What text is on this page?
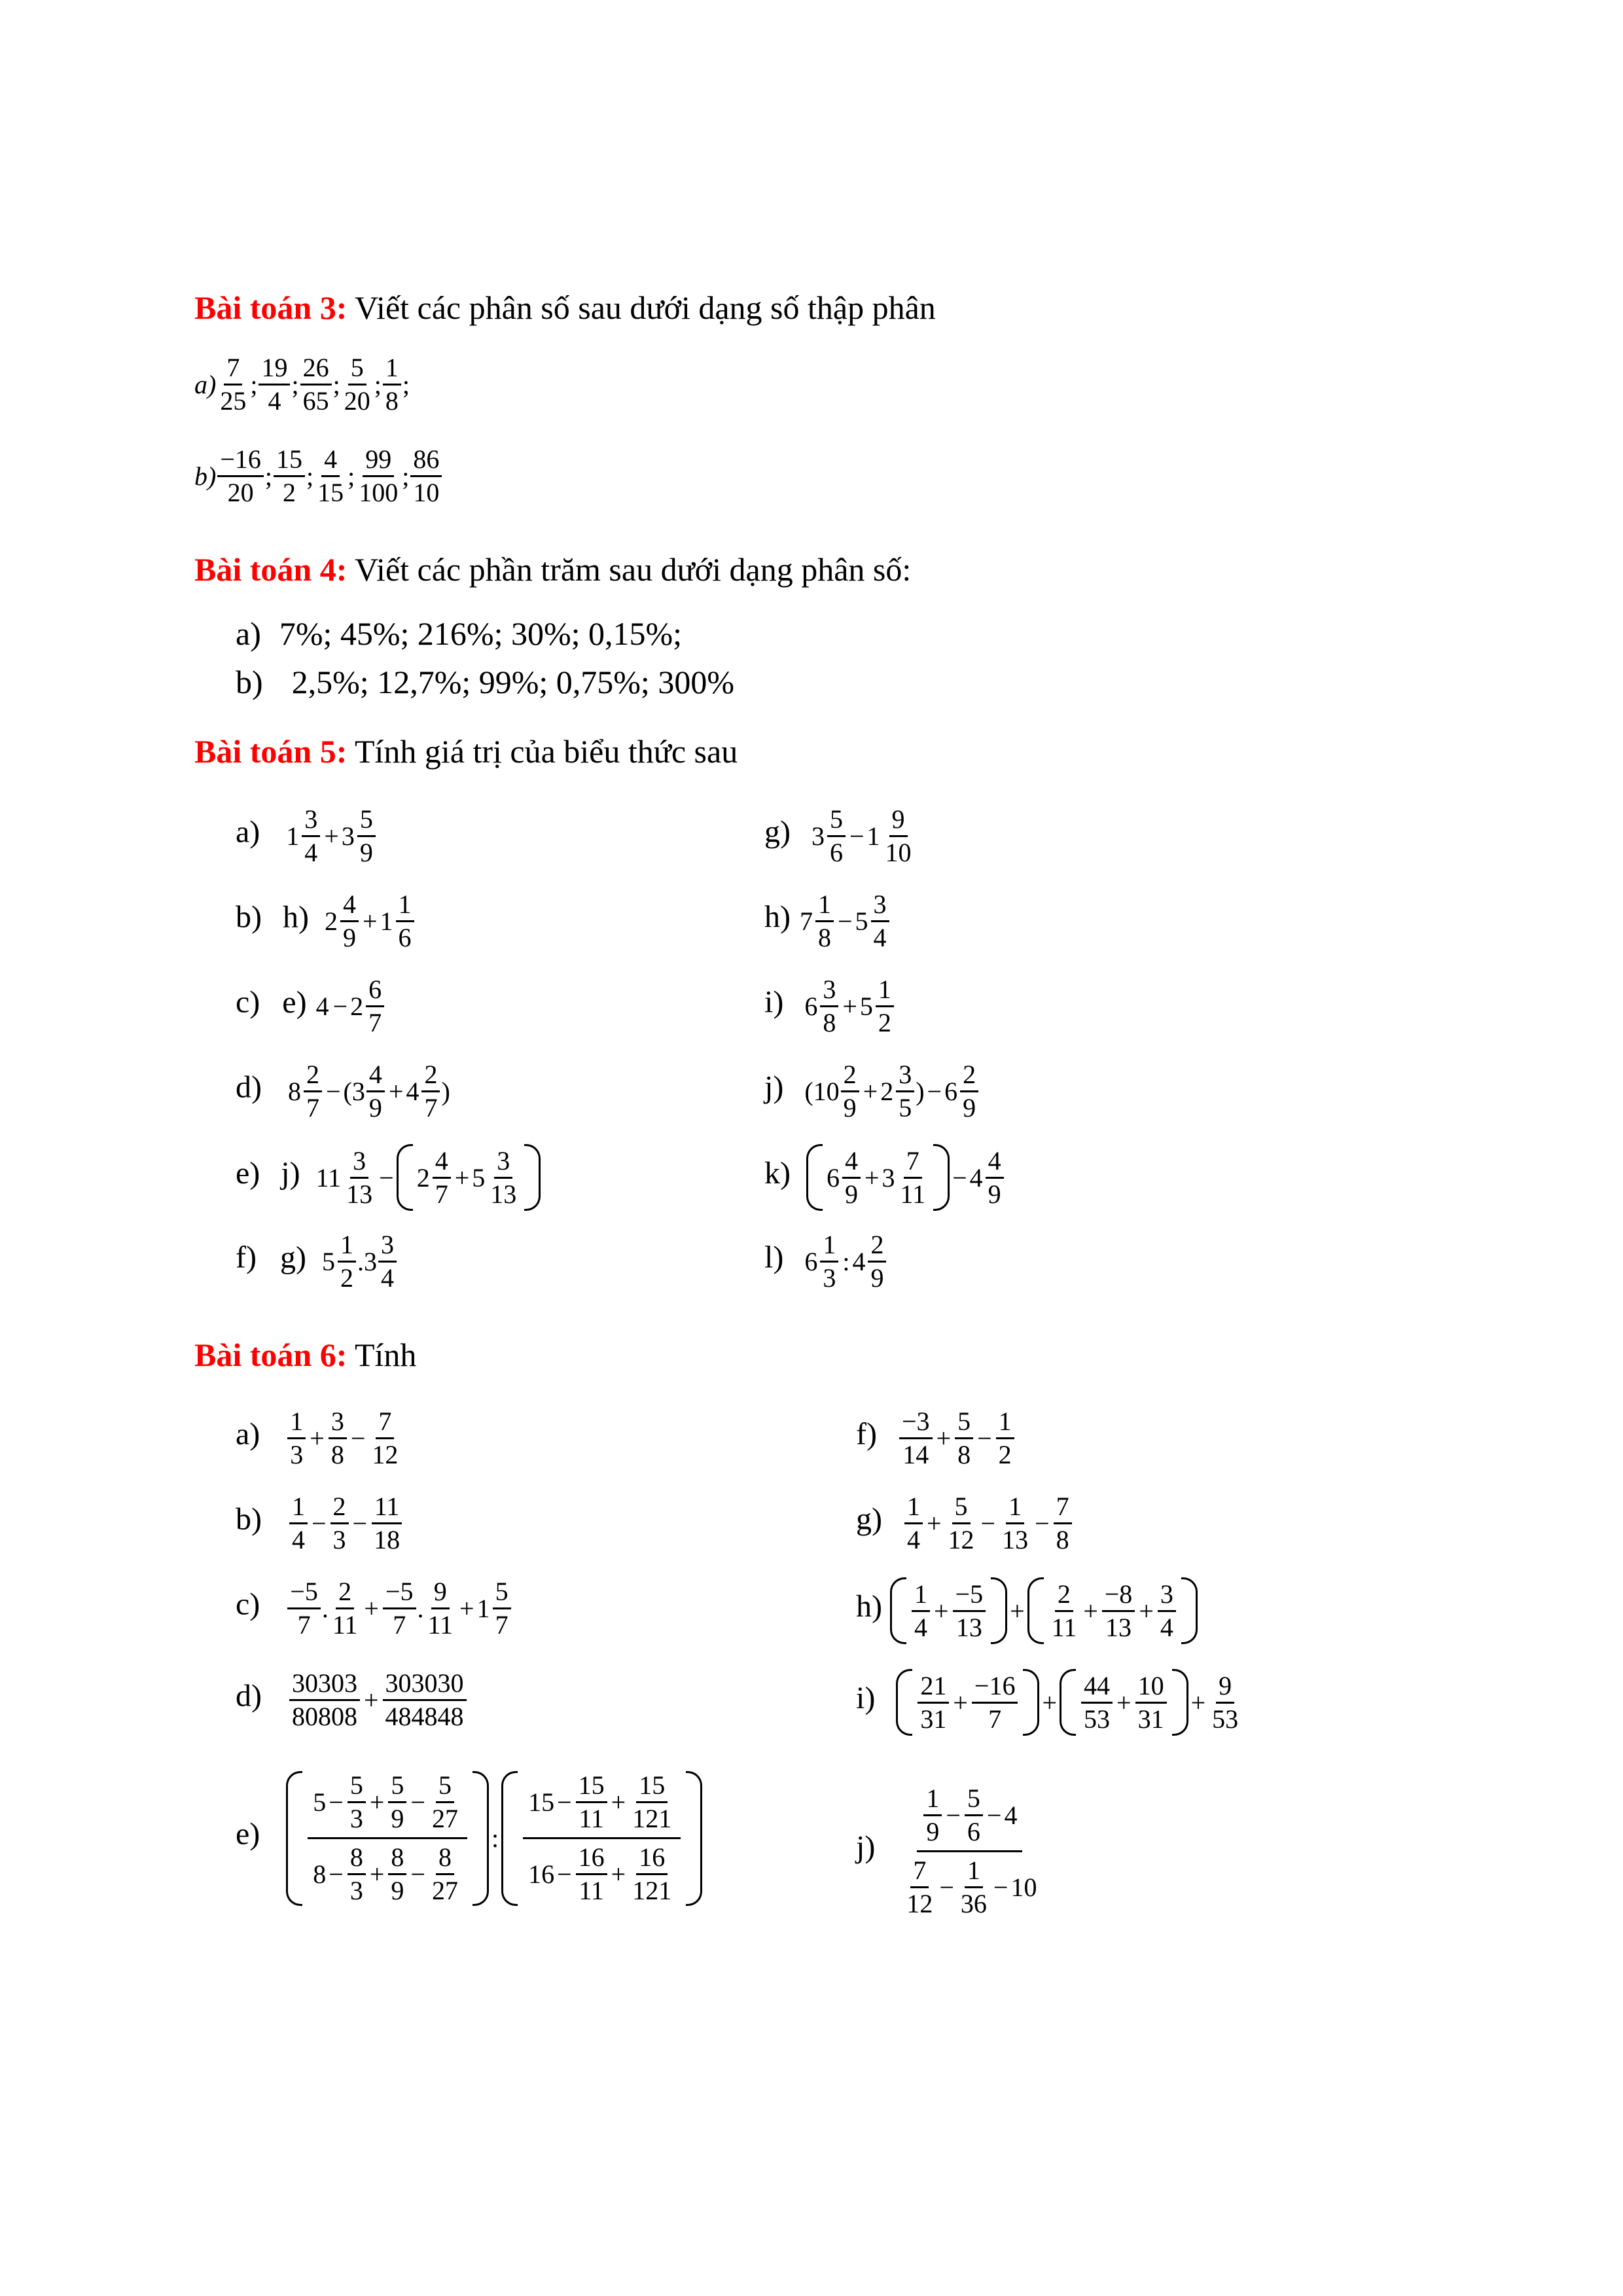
Bài toán 3: Viết các phân số sau dưới dạng số thập phân
$a) \frac{7}{25}$ ; $\frac{19}{4}$ ; $\frac{26}{65}$ ; $\frac{5}{20}$ ; $\frac{1}{8}$ ;
$b) \frac{-16}{20}$ ; $\frac{15}{2}$ ; $\frac{4}{15}$ ; $\frac{99}{100}$ ; $\frac{86}{10}$
Bài toán 4: Viết các phần trăm sau dưới dạng phân số:
a) 7%; 45%; 216%; 30%; 0,15%;
b) 2,5%; 12,7%; 99%; 0,75%; 300%
Bài toán 5: Tính giá trị của biểu thức sau
a) $1 \frac{3}{4} + 3 \frac{5}{9}$	g) $3 \frac{5}{6} - 1 \frac{9}{10}$
b) h) $2 \frac{4}{9} + 1 \frac{1}{6}$	h) $7 \frac{1}{8} - 5 \frac{3}{4}$
c) e) $4 - 2 \frac{6}{7}$	i) $6 \frac{3}{8} + 5 \frac{1}{2}$
d) $8 \frac{2}{7} - (3 \frac{4}{9} + 4 \frac{2}{7}$ )	j) ($10 \frac{2}{9} + 2 \frac{3}{5}$ ) − $6 \frac{2}{9}$
e) j) $11 \frac{3}{13} - 2 \frac{4}{7} + 5 \frac{3}{13}$	k) $6 \frac{4}{9} + 3 \frac{7}{11} - 4 \frac{4}{9}$
f) g) $5 \frac{1}{2} .3 \frac{3}{4}$	l) $6 \frac{1}{3}$ : $4 \frac{2}{9}$
Bài toán 6: Tính
$a) \frac{1}{3} + \frac{3}{8} - \frac{7}{12}$	$f) \frac{-3}{14} + \frac{5}{8} - \frac{1}{2}$
$b) \frac{1}{4} - \frac{2}{3} - \frac{11}{18}$	$g) \frac{1}{4} + \frac{5}{12} - \frac{1}{13} - \frac{7}{8}$
$c) \frac{-5}{7}$ . $\frac{2}{11} + \frac{-5}{7}$ . $\frac{9}{11} + 1 \frac{5}{7}$	$h) \frac{1}{4} + \frac{-5}{13} + \frac{2}{11} + \frac{-8}{13} + \frac{3}{4}$
$d) \frac{30303}{80808} + \frac{303030}{484848}$	$i) \frac{21}{31} + \frac{-16}{7} + \frac{44}{53} + \frac{10}{31} + \frac{9}{53}$
$e) \frac{5 - \frac{5}{3} + \frac{5}{9} - \frac{5}{27}}{8 - \frac{8}{3} + \frac{8}{9} - \frac{8}{27}}$ : $\frac{15 - \frac{15}{11} + \frac{15}{121}}{16 - \frac{16}{11} + \frac{16}{121}}$	$j) \frac{\frac{1}{9} - \frac{5}{6} - 4}{\frac{7}{12} - \frac{1}{36} - 10}$
